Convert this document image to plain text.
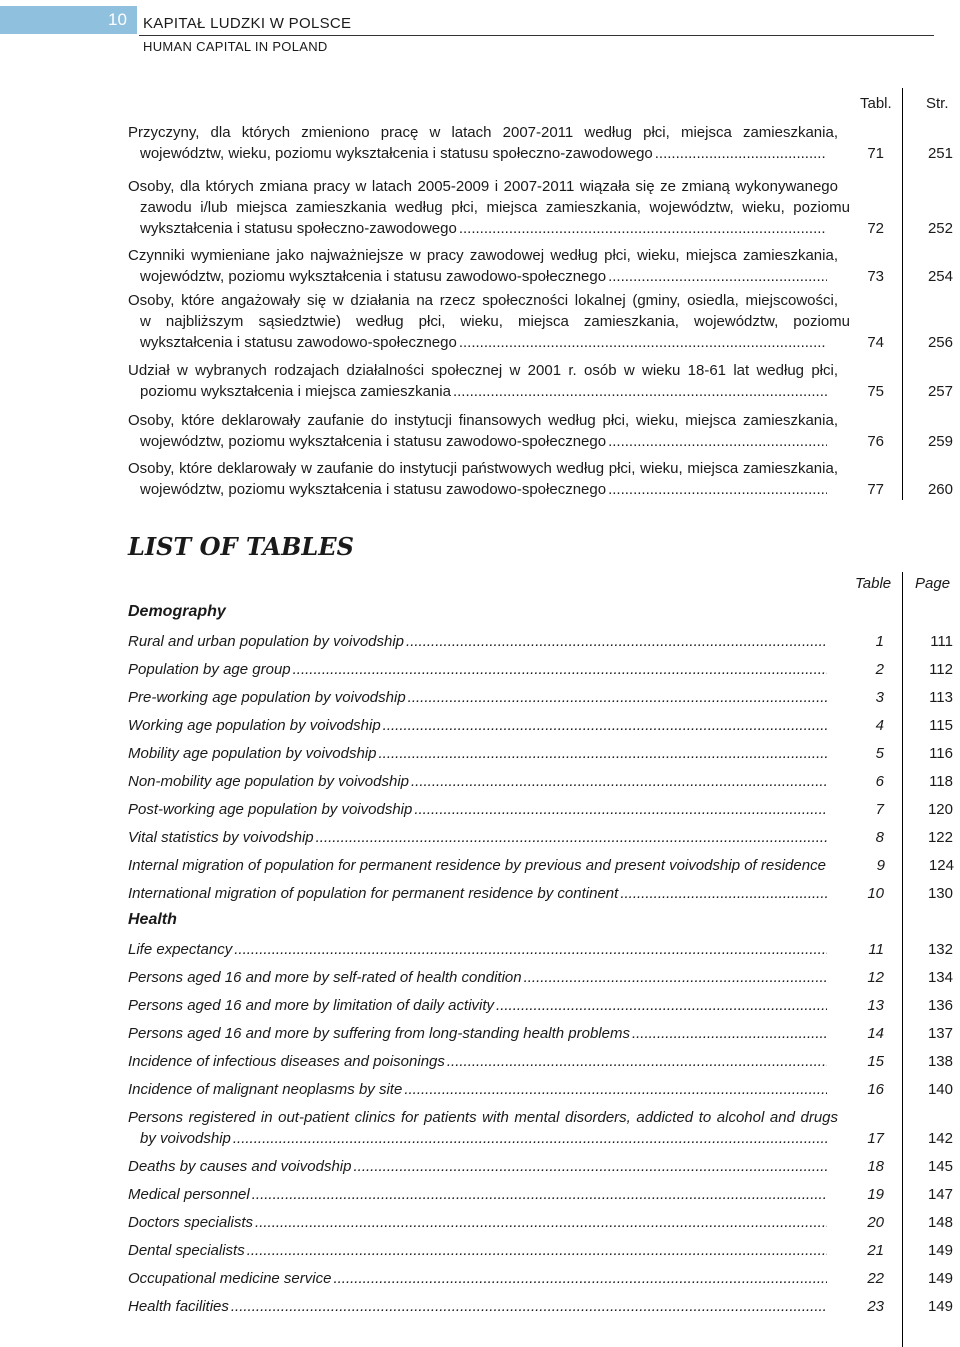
10	KAPITAŁ LUDZKI W POLSCE
HUMAN CAPITAL IN POLAND
Tabl. Str.
Przyczyny, dla których zmieniono pracę w latach 2007-2011 według płci, miejsca zamieszkania,
województw, wieku, poziomu wykształcenia i statusu społeczno-zawodowego .....	71	251
Osoby, dla których zmiana pracy w latach 2005-2009 i 2007-2011 wiązała się ze zmianą wykonywanego
zawodu i/lub miejsca zamieszkania według płci, miejsca zamieszkania, województw, wieku, poziomu
wykształcenia i statusu społeczno-zawodowego .....	72	252
Czynniki wymieniane jako najważniejsze w pracy zawodowej według płci, wieku, miejsca zamieszkania,
województw, poziomu wykształcenia i statusu zawodowo-społecznego .....	73	254
Osoby, które angażowały się w działania na rzecz społeczności lokalnej (gminy, osiedla, miejscowości,
w najbliższym sąsiedztwie) według płci, wieku, miejsca zamieszkania, województw, poziomu
wykształcenia i statusu zawodowo-społecznego .....	74	256
Udział w wybranych rodzajach działalności społecznej w 2001 r. osób w wieku 18-61 lat według płci,
poziomu wykształcenia i miejsca zamieszkania .....	75	257
Osoby, które deklarowały zaufanie do instytucji finansowych według płci, wieku, miejsca zamieszkania,
województw, poziomu wykształcenia i statusu zawodowo-społecznego .....	76	259
Osoby, które deklarowały w zaufanie do instytucji państwowych według płci, wieku, miejsca zamieszkania,
województw, poziomu wykształcenia i statusu zawodowo-społecznego .....	77	260
LIST OF TABLES
Table Page
Demography
Rural and urban population by voivodship .....	1	111
Population by age group .....	2	112
Pre-working age population by voivodship .....	3	113
Working age population by voivodship .....	4	115
Mobility age population by voivodship .....	5	116
Non-mobility age population by voivodship .....	6	118
Post-working age population by voivodship .....	7	120
Vital statistics by voivodship .....	8	122
Internal migration of population for permanent residence by previous and present voivodship of residence	9	124
International migration of population for permanent residence by continent .....	10	130
Health
Life expectancy .....	11	132
Persons aged 16 and more by self-rated of health condition .....	12	134
Persons aged 16 and more by limitation of daily activity .....	13	136
Persons aged 16 and more by suffering from long-standing health problems .....	14	137
Incidence of infectious diseases and poisonings .....	15	138
Incidence of malignant neoplasms by site .....	16	140
Persons registered in out-patient clinics for patients with mental disorders, addicted to alcohol and drugs
by voivodship .....	17	142
Deaths by causes and voivodship .....	18	145
Medical personnel .....	19	147
Doctors specialists .....	20	148
Dental specialists .....	21	149
Occupational medicine service .....	22	149
Health facilities .....	23	149
